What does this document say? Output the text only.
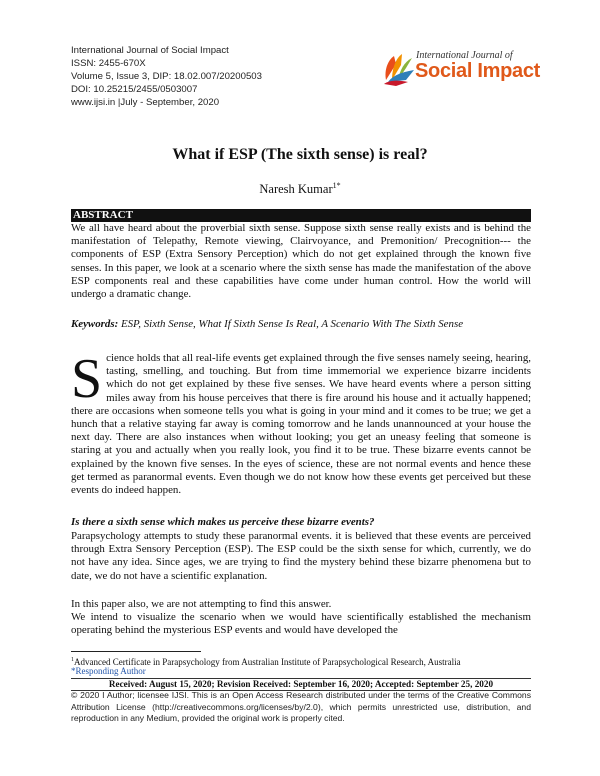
International Journal of Social Impact
ISSN: 2455-670X
Volume 5, Issue 3, DIP: 18.02.007/20200503
DOI: 10.25215/2455/0503007
www.ijsi.in |July - September, 2020
International Journal of
Social Impact
What if ESP (The sixth sense) is real?
Naresh Kumar$^{1*}$
ABSTRACT
We all have heard about the proverbial sixth sense. Suppose sixth sense really exists and is behind the manifestation of Telepathy, Remote viewing, Clairvoyance, and Premonition/ Precognition--- the components of ESP (Extra Sensory Perception) which do not get explained through the known five senses. In this paper, we look at a scenario where the sixth sense has made the manifestation of the above ESP components real and these capabilities have come under human control. How the world will undergo a dramatic change.
Keywords: ESP, Sixth Sense, What If Sixth Sense Is Real, A Scenario With The Sixth Sense
Science holds that all real-life events get explained through the five senses namely seeing, hearing, tasting, smelling, and touching. But from time immemorial we experience bizarre incidents which do not get explained by these five senses. We have heard events where a person sitting miles away from his house perceives that there is fire around his house and it actually happened; there are occasions when someone tells you what is going in your mind and it comes to be true; we get a hunch that a relative staying far away is coming tomorrow and he lands unannounced at your house the next day. There are also instances when without looking; you get an uneasy feeling that someone is staring at you and actually when you really look, you find it to be true. These bizarre events cannot be explained by the known five senses. In the eyes of science, these are not normal events and hence these get termed as paranormal events. Even though we do not know how these events get perceived but these events do indeed happen.
Is there a sixth sense which makes us perceive these bizarre events?
Parapsychology attempts to study these paranormal events. it is believed that these events are perceived through Extra Sensory Perception (ESP). The ESP could be the sixth sense for which, currently, we do not have any idea. Since ages, we are trying to find the mystery behind these bizarre phenomena but to date, we do not have a scientific explanation.
In this paper also, we are not attempting to find this answer.
We intend to visualize the scenario when we would have scientifically established the mechanism operating behind the mysterious ESP events and would have developed the
$^1$Advanced Certificate in Parapsychology from Australian Institute of Parapsychological Research, Australia
*Responding Author
Received: August 15, 2020; Revision Received: September 16, 2020; Accepted: September 25, 2020
© 2020 I Author; licensee IJSI. This is an Open Access Research distributed under the terms of the Creative Commons Attribution License (http://creativecommons.org/licenses/by/2.0), which permits unrestricted use, distribution, and reproduction in any Medium, provided the original work is properly cited.
